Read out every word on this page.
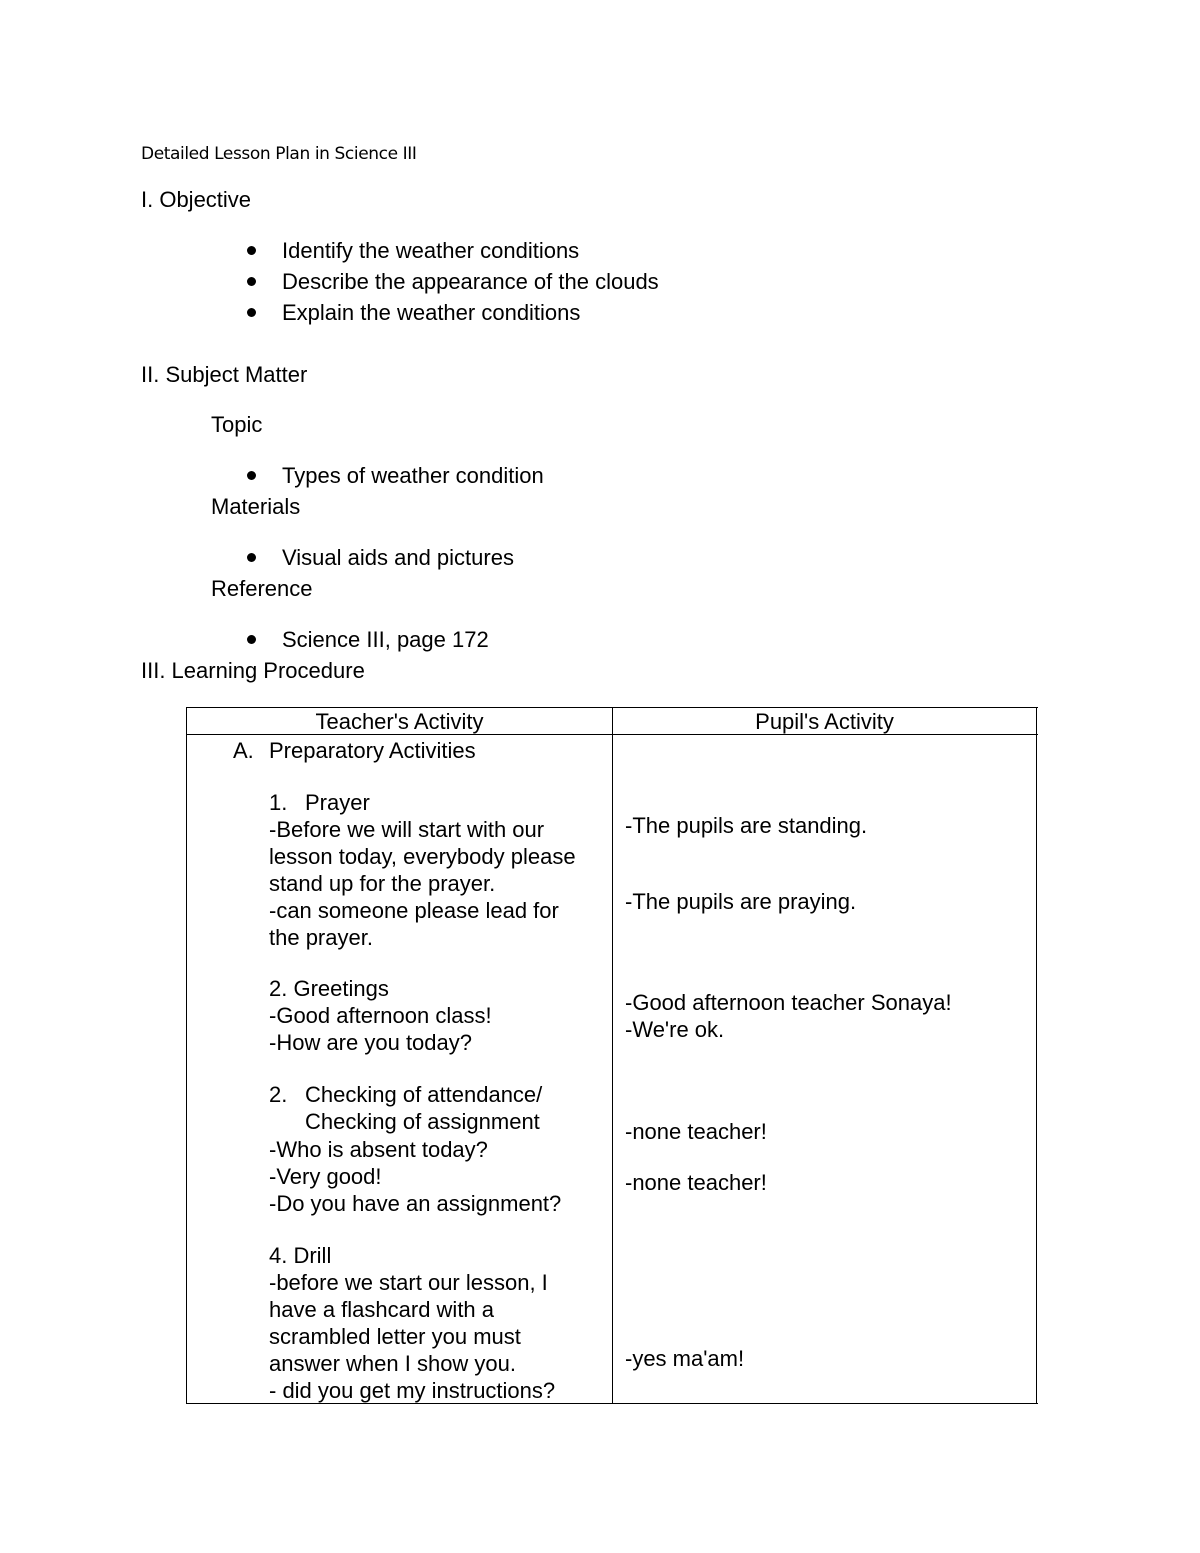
Detailed Lesson Plan in Science III
I. Objective
Identify the weather conditions
Describe the appearance of the clouds
Explain the weather conditions
II. Subject Matter
Topic
Types of weather condition
Materials
Visual aids and pictures
Reference
Science III, page 172
III. Learning Procedure
Teacher's Activity	Pupil's Activity
A. Preparatory Activities
1. Prayer
-Before we will start with our
lesson today, everybody please
stand up for the prayer.
-can someone please lead for
the prayer.
2. Greetings
-Good afternoon class!
-How are you today?
2. Checking of attendance/
Checking of assignment
-Who is absent today?
-Very good!
-Do you have an assignment?
4. Drill
-before we start our lesson, I
have a flashcard with a
scrambled letter you must
answer when I show you.
- did you get my instructions?
-The pupils are standing.
-The pupils are praying.
-Good afternoon teacher Sonaya!
-We're ok.
-none teacher!
-none teacher!
-yes ma'am!
